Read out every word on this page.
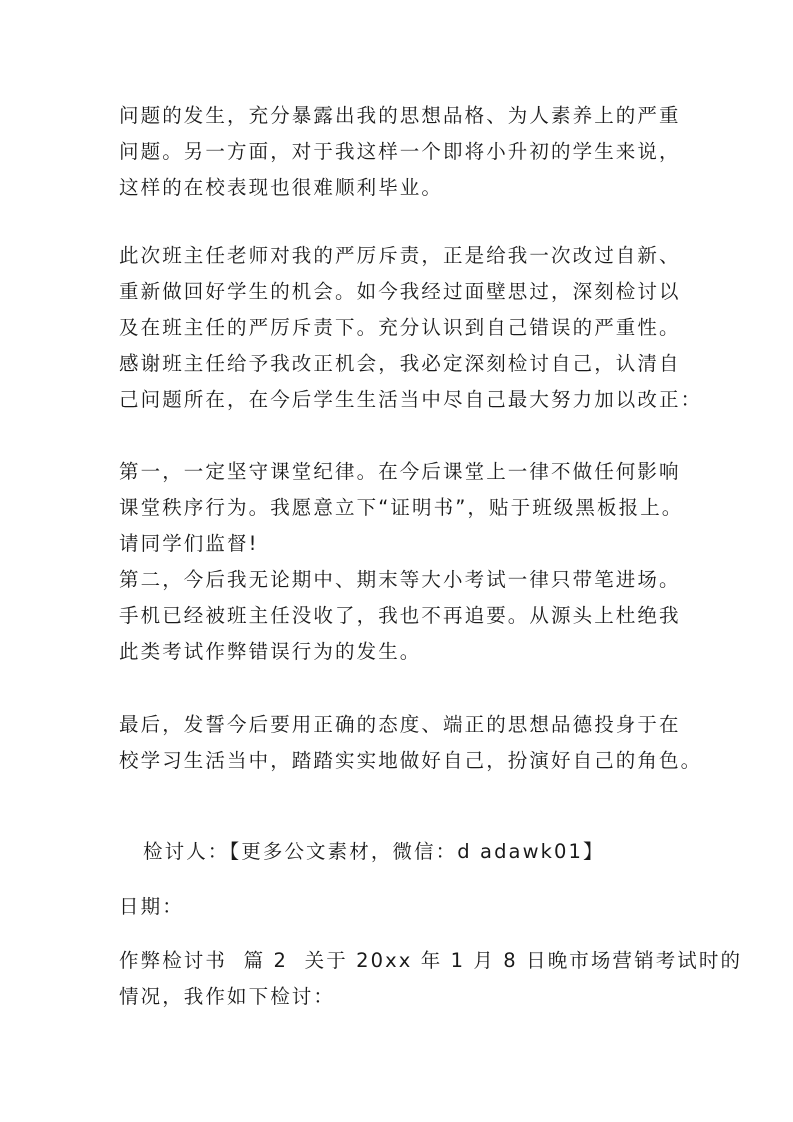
问题的发生，充分暴露出我的思想品格、为人素养上的严重
问题。另一方面，对于我这样一个即将小升初的学生来说，
这样的在校表现也很难顺利毕业。
此次班主任老师对我的严厉斥责，正是给我一次改过自新、
重新做回好学生的机会。如今我经过面壁思过，深刻检讨以
及在班主任的严厉斥责下。充分认识到自己错误的严重性。
感谢班主任给予我改正机会，我必定深刻检讨自己，认清自
己问题所在，在今后学生生活当中尽自己最大努力加以改正：
第一，一定坚守课堂纪律。在今后课堂上一律不做任何影响
课堂秩序行为。我愿意立下“证明书”，贴于班级黑板报上。
请同学们监督!
第二，今后我无论期中、期末等大小考试一律只带笔进场。
手机已经被班主任没收了，我也不再追要。从源头上杜绝我
此类考试作弊错误行为的发生。
最后，发誓今后要用正确的态度、端正的思想品德投身于在
校学习生活当中，踏踏实实地做好自己，扮演好自己的角色。
检讨人：【更多公文素材，微信：d adawk01】
日期：
作弊检讨书  篇 2  关于 20xx 年 1 月 8 日晚市场营销考试时的
情况，我作如下检讨：
